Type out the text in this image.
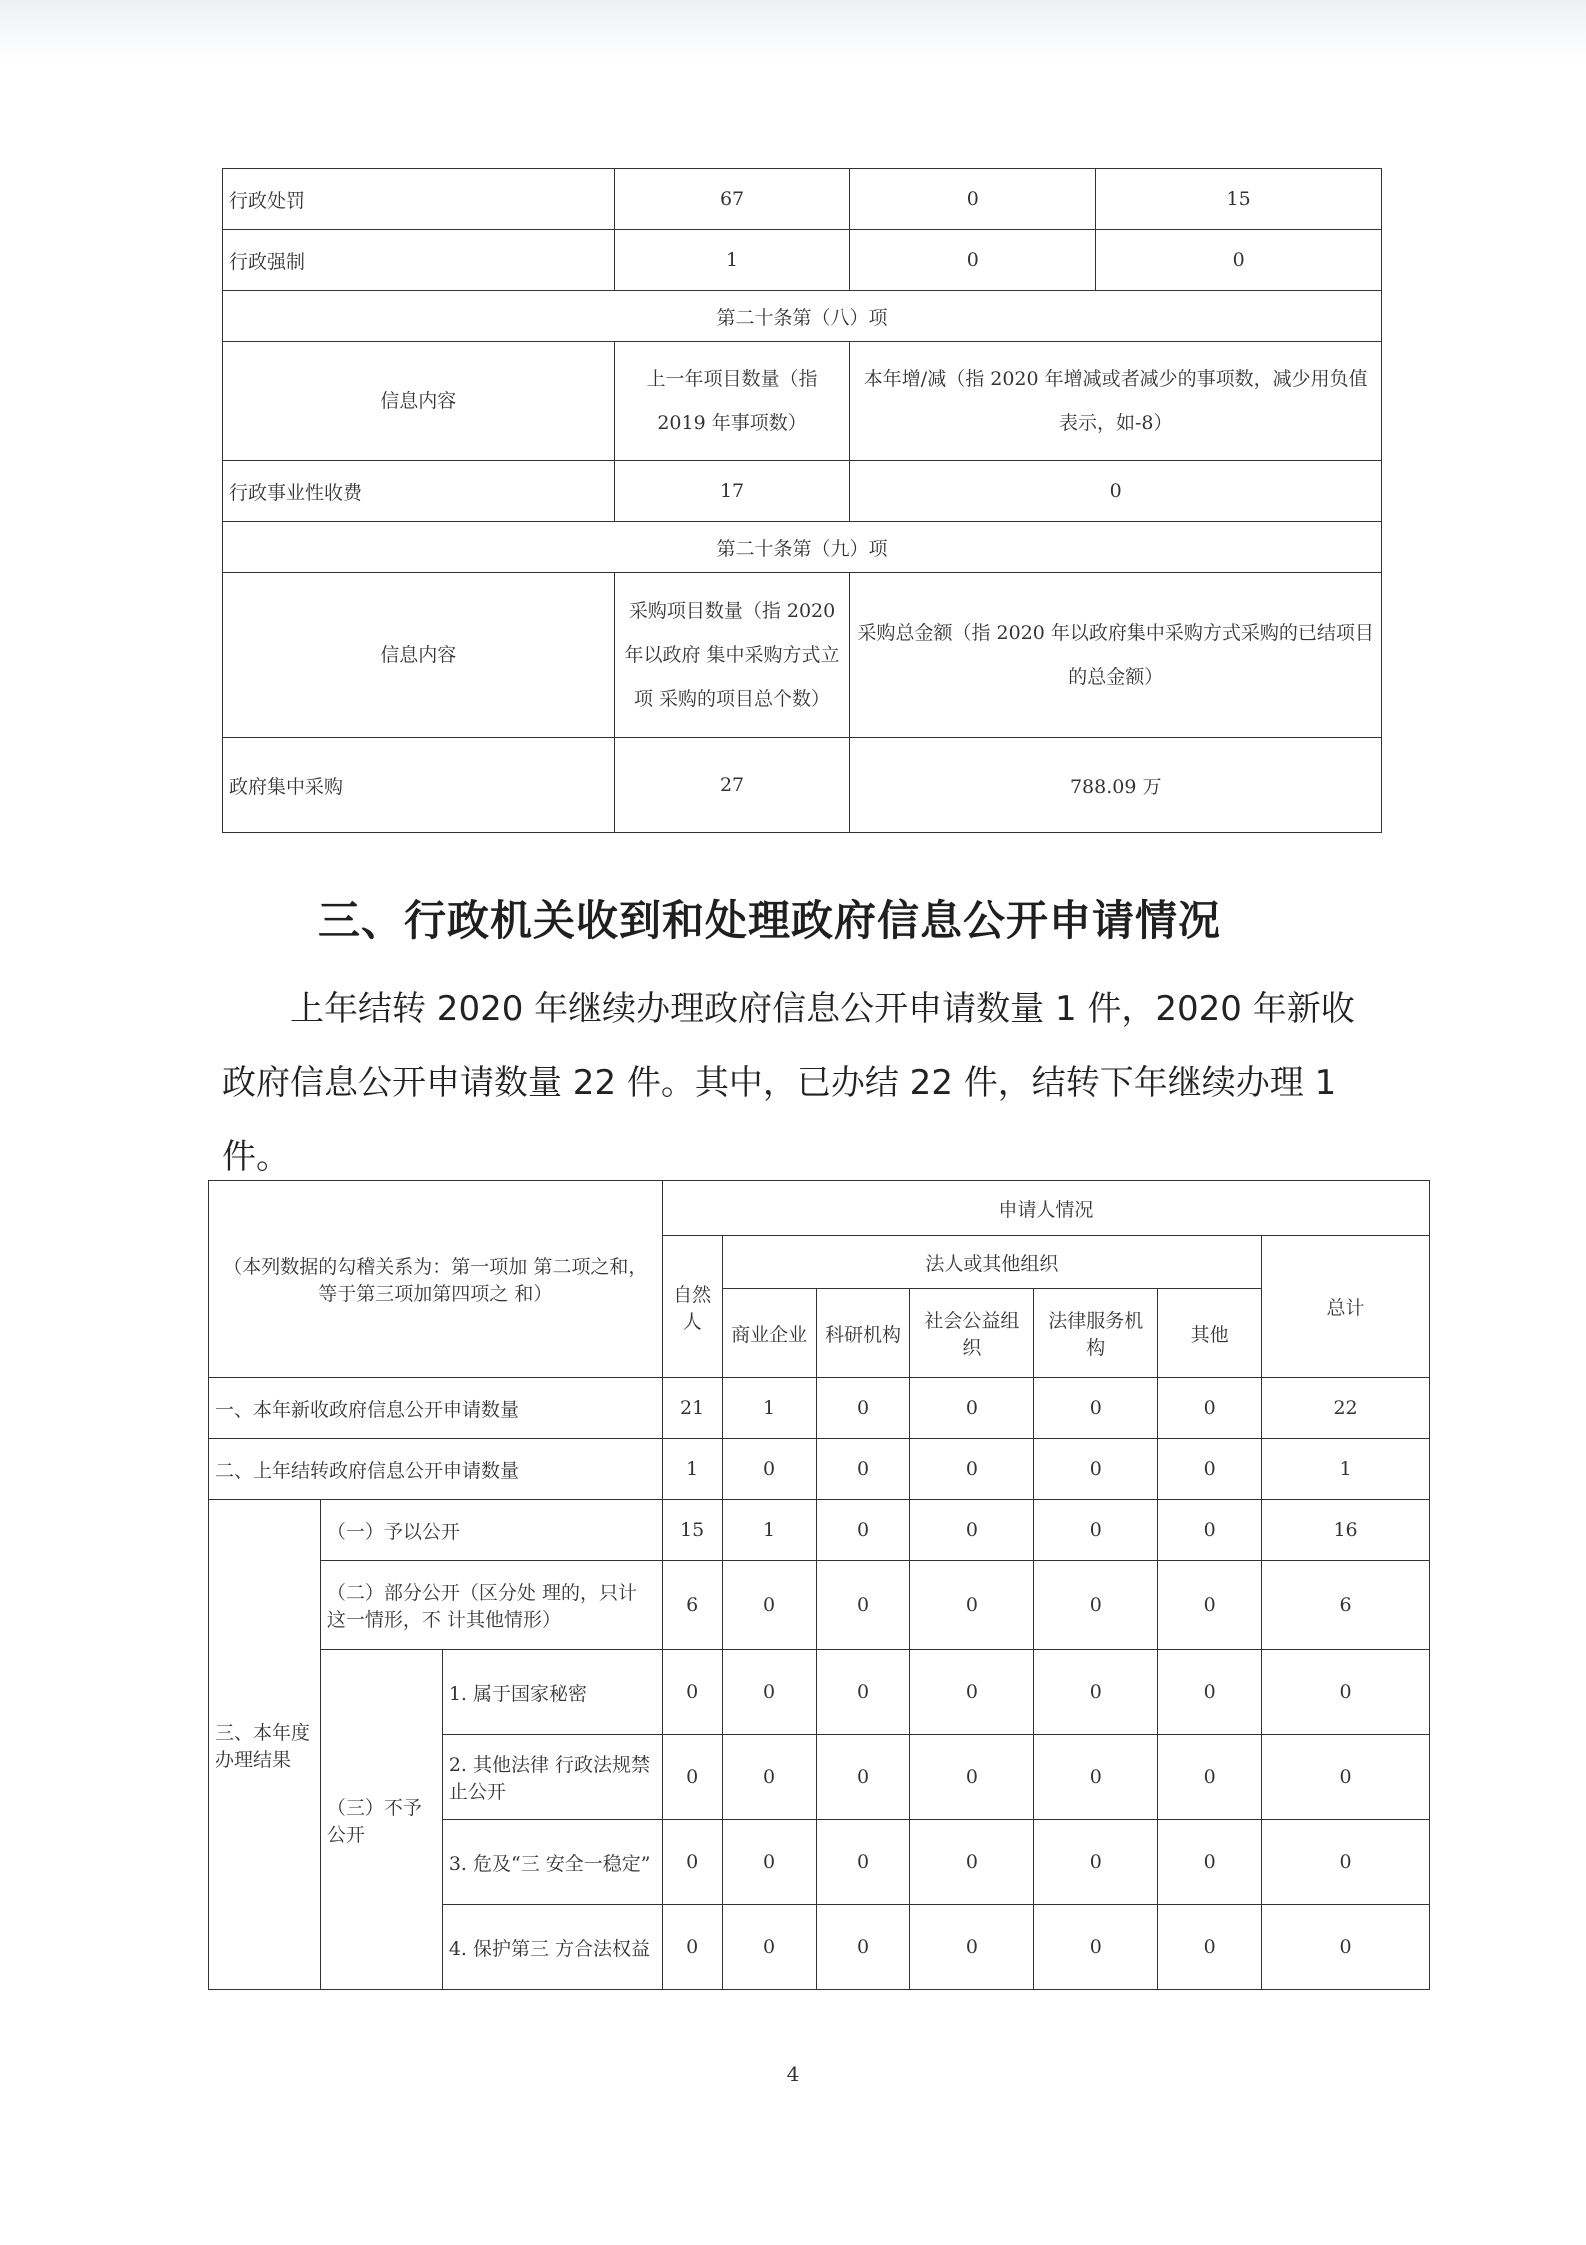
行政处罚	67	0	15
行政强制	1	0	0
第二十条第（八）项			
信息内容	上一年项目数量（指 2019 年事项数）	本年增/减（指 2020 年增减或者减少的事项数，减少用负值表示，如-8）	
行政事业性收费	17	0	
第二十条第（九）项			
信息内容	采购项目数量（指 2020 年以政府 集中采购方式立项 采购的项目总个数）	采购总金额（指 2020 年以政府集中采购方式采购的已结项目的总金额）	
政府集中采购	27	788.09 万	
三、行政机关收到和处理政府信息公开申请情况

上年结转 2020 年继续办理政府信息公开申请数量 1 件，2020 年新收政府信息公开申请数量 22 件。其中，已办结 22 件，结转下年继续办理 1 件。

（本列数据的勾稽关系为：第一项加 第二项之和，等于第三项加第四项之 和）			申请人情况						
			自然人	法人或其他组织					总计
				商业企业	科研机构	社会公益组织	法律服务机构	其他	
一、本年新收政府信息公开申请数量			21	1	0	0	0	0	22
二、上年结转政府信息公开申请数量			1	0	0	0	0	0	1
三、本年度办理结果	（一）予以公开		15	1	0	0	0	0	16
	（二）部分公开（区分处 理的，只计这一情形，不 计其他情形）		6	0	0	0	0	0	6
	（三）不予公开	1. 属于国家秘密	0	0	0	0	0	0	0
		2. 其他法律 行政法规禁 止公开	0	0	0	0	0	0	0
		3. 危及“三 安全一稳定”	0	0	0	0	0	0	0
		4. 保护第三 方合法权益	0	0	0	0	0	0	0
4
